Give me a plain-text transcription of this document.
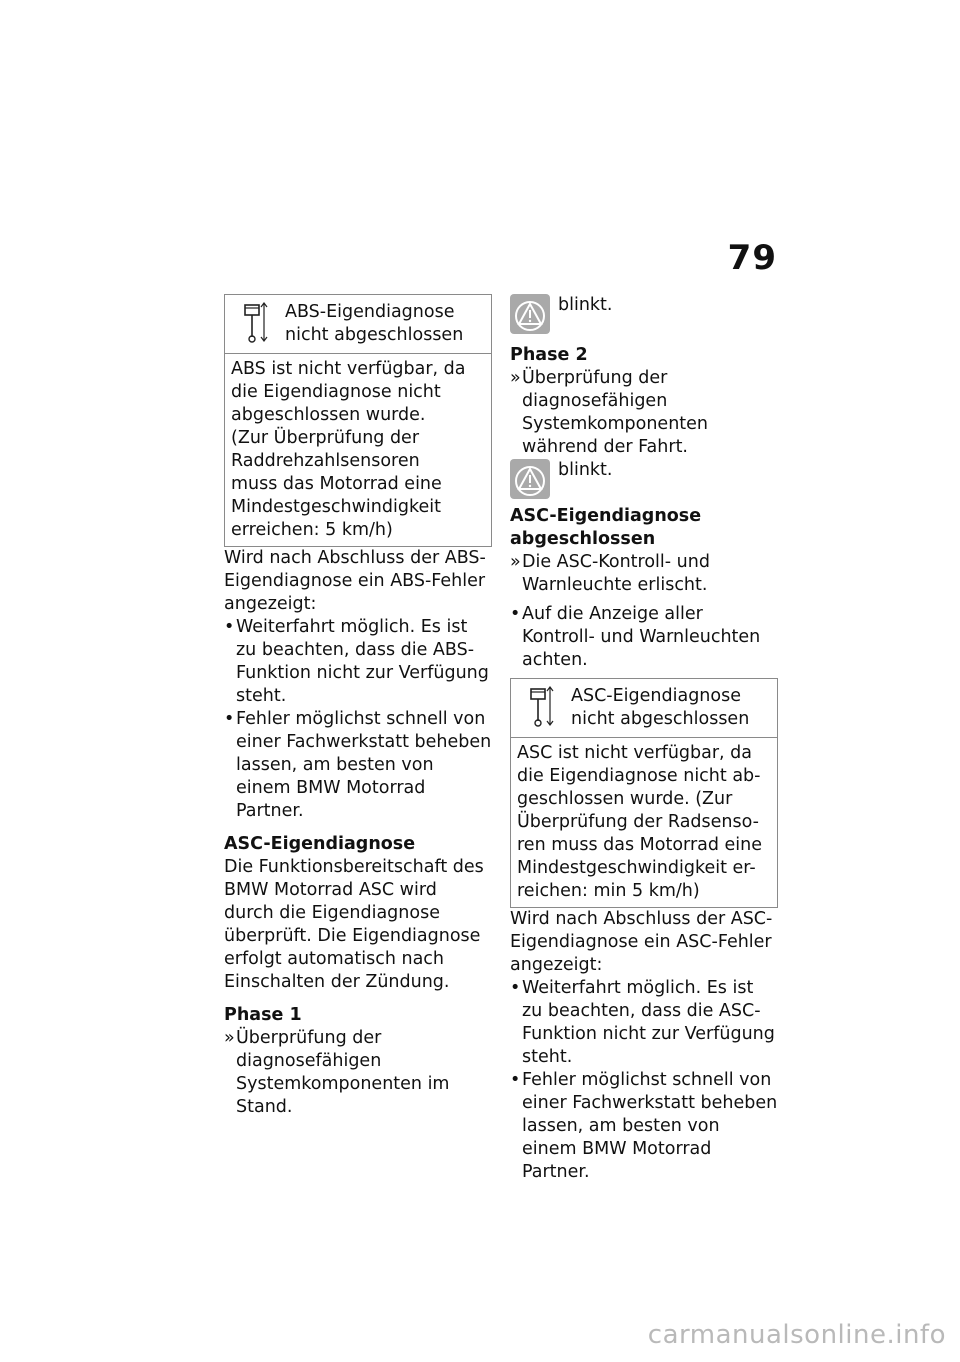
79

ABS-Eigendiagnose

nicht abgeschlossen

ABS ist nicht verfügbar, da

die Eigendiagnose nicht

abgeschlossen wurde.

(Zur Überprüfung der

Raddrehzahlsensoren

muss das Motorrad eine

Mindestgeschwindigkeit

erreichen: 5 km/h)

Wird nach Abschluss der ABS-Eigendiagnose ein ABS-Fehler angezeigt:

• Weiterfahrt möglich. Es ist zu beachten, dass die ABS-Funktion nicht zur Verfügung steht.
• Fehler möglichst schnell von einer Fachwerkstatt beheben lassen, am besten von einem BMW Motorrad Partner.

ASC-Eigendiagnose

Die Funktionsbereitschaft des BMW Motorrad ASC wird durch die Eigendiagnose überprüft. Die Eigendiagnose erfolgt automatisch nach Einschalten der Zündung.

Phase 1

» Überprüfung der diagnosefähigen Systemkomponenten im Stand.

blinkt.

Phase 2

» Überprüfung der diagnosefähigen Systemkomponenten während der Fahrt.

blinkt.

ASC-Eigendiagnose

abgeschlossen

» Die ASC-Kontroll- und Warnleuchte erlischt.
• Auf die Anzeige aller Kontroll- und Warnleuchten achten.

ASC-Eigendiagnose

nicht abgeschlossen

ASC ist nicht verfügbar, da

die Eigendiagnose nicht ab-

geschlossen wurde. (Zur

Überprüfung der Radsenso-

ren muss das Motorrad eine

Mindestgeschwindigkeit er-

reichen: min 5 km/h)

Wird nach Abschluss der ASC-Eigendiagnose ein ASC-Fehler angezeigt:

• Weiterfahrt möglich. Es ist zu beachten, dass die ASC-Funktion nicht zur Verfügung steht.
• Fehler möglichst schnell von einer Fachwerkstatt beheben lassen, am besten von einem BMW Motorrad Partner.
carmanualsonline.info
